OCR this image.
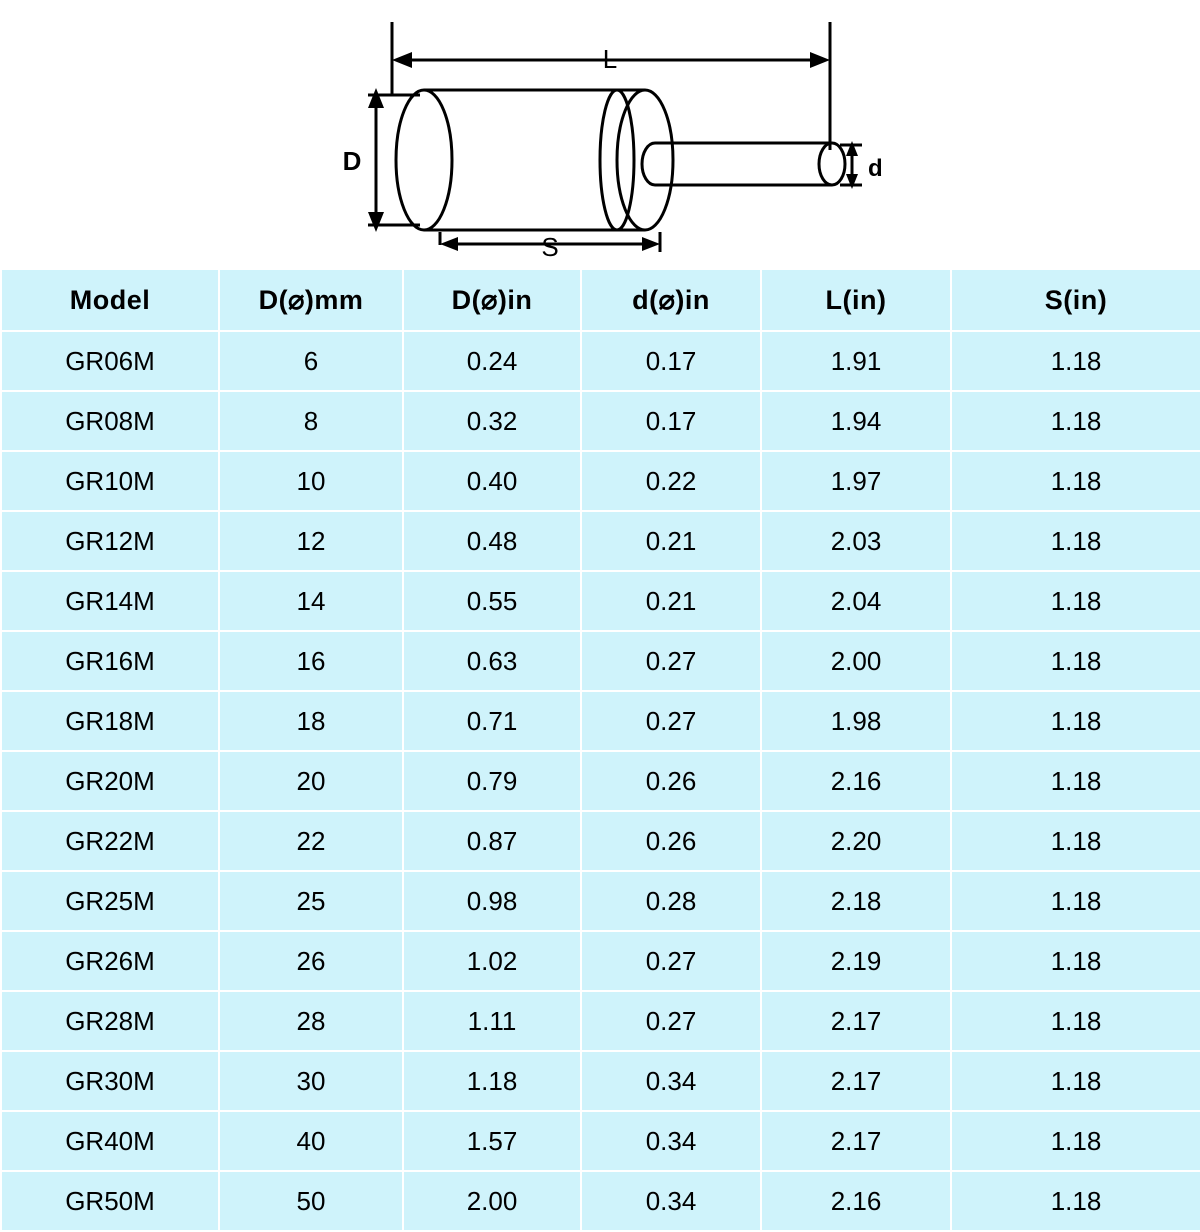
L
D	d
S
Model	D(⌀)mm	D(⌀)in	d(⌀)in	L(in)	S(in)
GR06M	6	0.24	0.17	1.91	1.18
GR08M	8	0.32	0.17	1.94	1.18
GR10M	10	0.40	0.22	1.97	1.18
GR12M	12	0.48	0.21	2.03	1.18
GR14M	14	0.55	0.21	2.04	1.18
GR16M	16	0.63	0.27	2.00	1.18
GR18M	18	0.71	0.27	1.98	1.18
GR20M	20	0.79	0.26	2.16	1.18
GR22M	22	0.87	0.26	2.20	1.18
GR25M	25	0.98	0.28	2.18	1.18
GR26M	26	1.02	0.27	2.19	1.18
GR28M	28	1.11	0.27	2.17	1.18
GR30M	30	1.18	0.34	2.17	1.18
GR40M	40	1.57	0.34	2.17	1.18
GR50M	50	2.00	0.34	2.16	1.18
